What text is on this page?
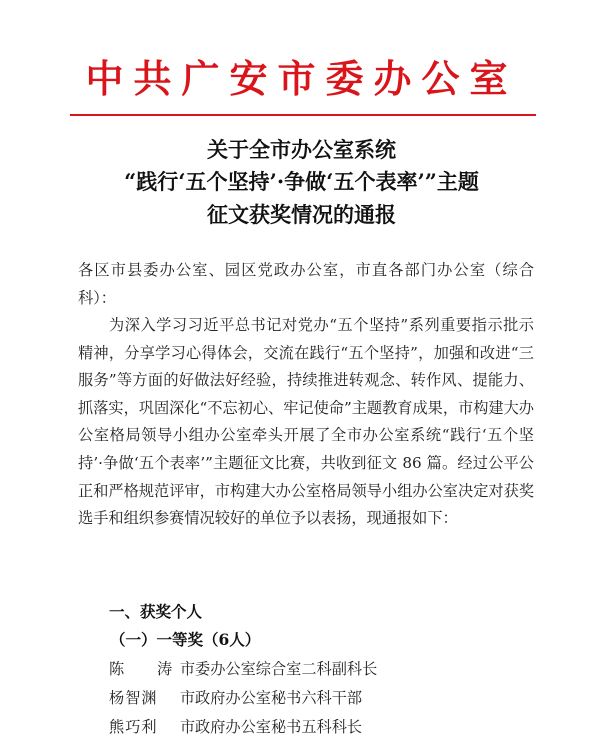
中共广安市委办公室
关于全市办公室系统
“践行‘五个坚持’·争做‘五个表率’”主题
征文获奖情况的通报
各区市县委办公室、园区党政办公室，市直各部门办公室（综合科）：
为深入学习习近平总书记对党办“五个坚持”系列重要指示批示精神，分享学习心得体会，交流在践行“五个坚持”，加强和改进“三服务”等方面的好做法好经验，持续推进转观念、转作风、提能力、抓落实，巩固深化“不忘初心、牢记使命”主题教育成果，市构建大办公室格局领导小组办公室牵头开展了全市办公室系统“践行‘五个坚持’·争做‘五个表率’”主题征文比赛，共收到征文 86 篇。经过公平公正和严格规范评审，市构建大办公室格局领导小组办公室决定对获奖选手和组织参赛情况较好的单位予以表扬，现通报如下：
一、获奖个人
（一）一等奖（6人）
陈 涛 市委办公室综合室二科副科长
杨智渊 市政府办公室秘书六科干部
熊巧利 市政府办公室秘书五科科长
